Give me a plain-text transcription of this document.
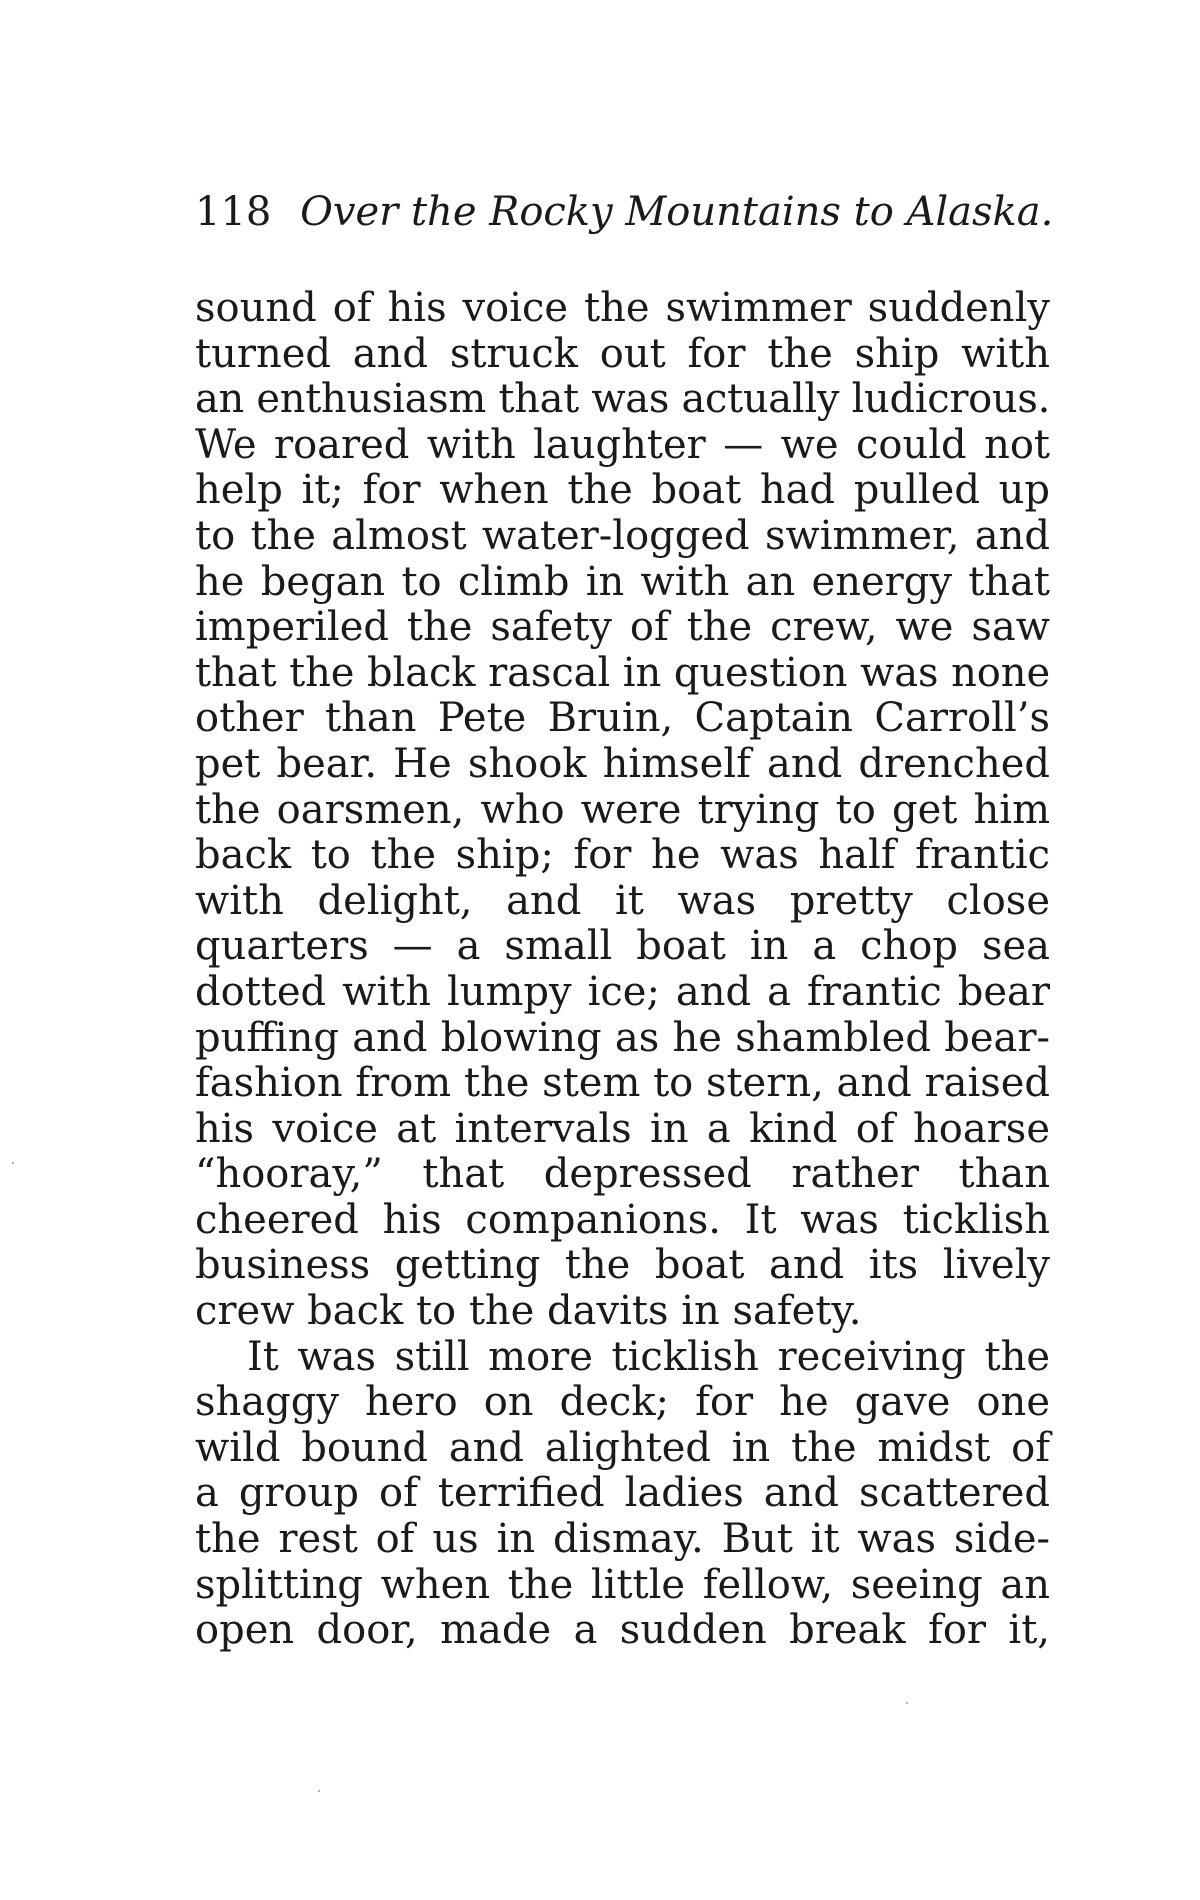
118 Over the Rocky Mountains to Alaska.
sound of his voice the swimmer suddenly
turned and struck out for the ship with
an enthusiasm that was actually ludicrous.
We roared with laughter — we could not
help it; for when the boat had pulled up
to the almost water-logged swimmer, and
he began to climb in with an energy that
imperiled the safety of the crew, we saw
that the black rascal in question was none
other than Pete Bruin, Captain Carroll’s
pet bear. He shook himself and drenched
the oarsmen, who were trying to get him
back to the ship; for he was half frantic
with delight, and it was pretty close
quarters — a small boat in a chop sea
dotted with lumpy ice; and a frantic bear
puffing and blowing as he shambled bear-
fashion from the stem to stern, and raised
his voice at intervals in a kind of hoarse
“hooray,” that depressed rather than
cheered his companions. It was ticklish
business getting the boat and its lively
crew back to the davits in safety.
It was still more ticklish receiving the
shaggy hero on deck; for he gave one
wild bound and alighted in the midst of
a group of terrified ladies and scattered
the rest of us in dismay. But it was side-
splitting when the little fellow, seeing an
open door, made a sudden break for it,
